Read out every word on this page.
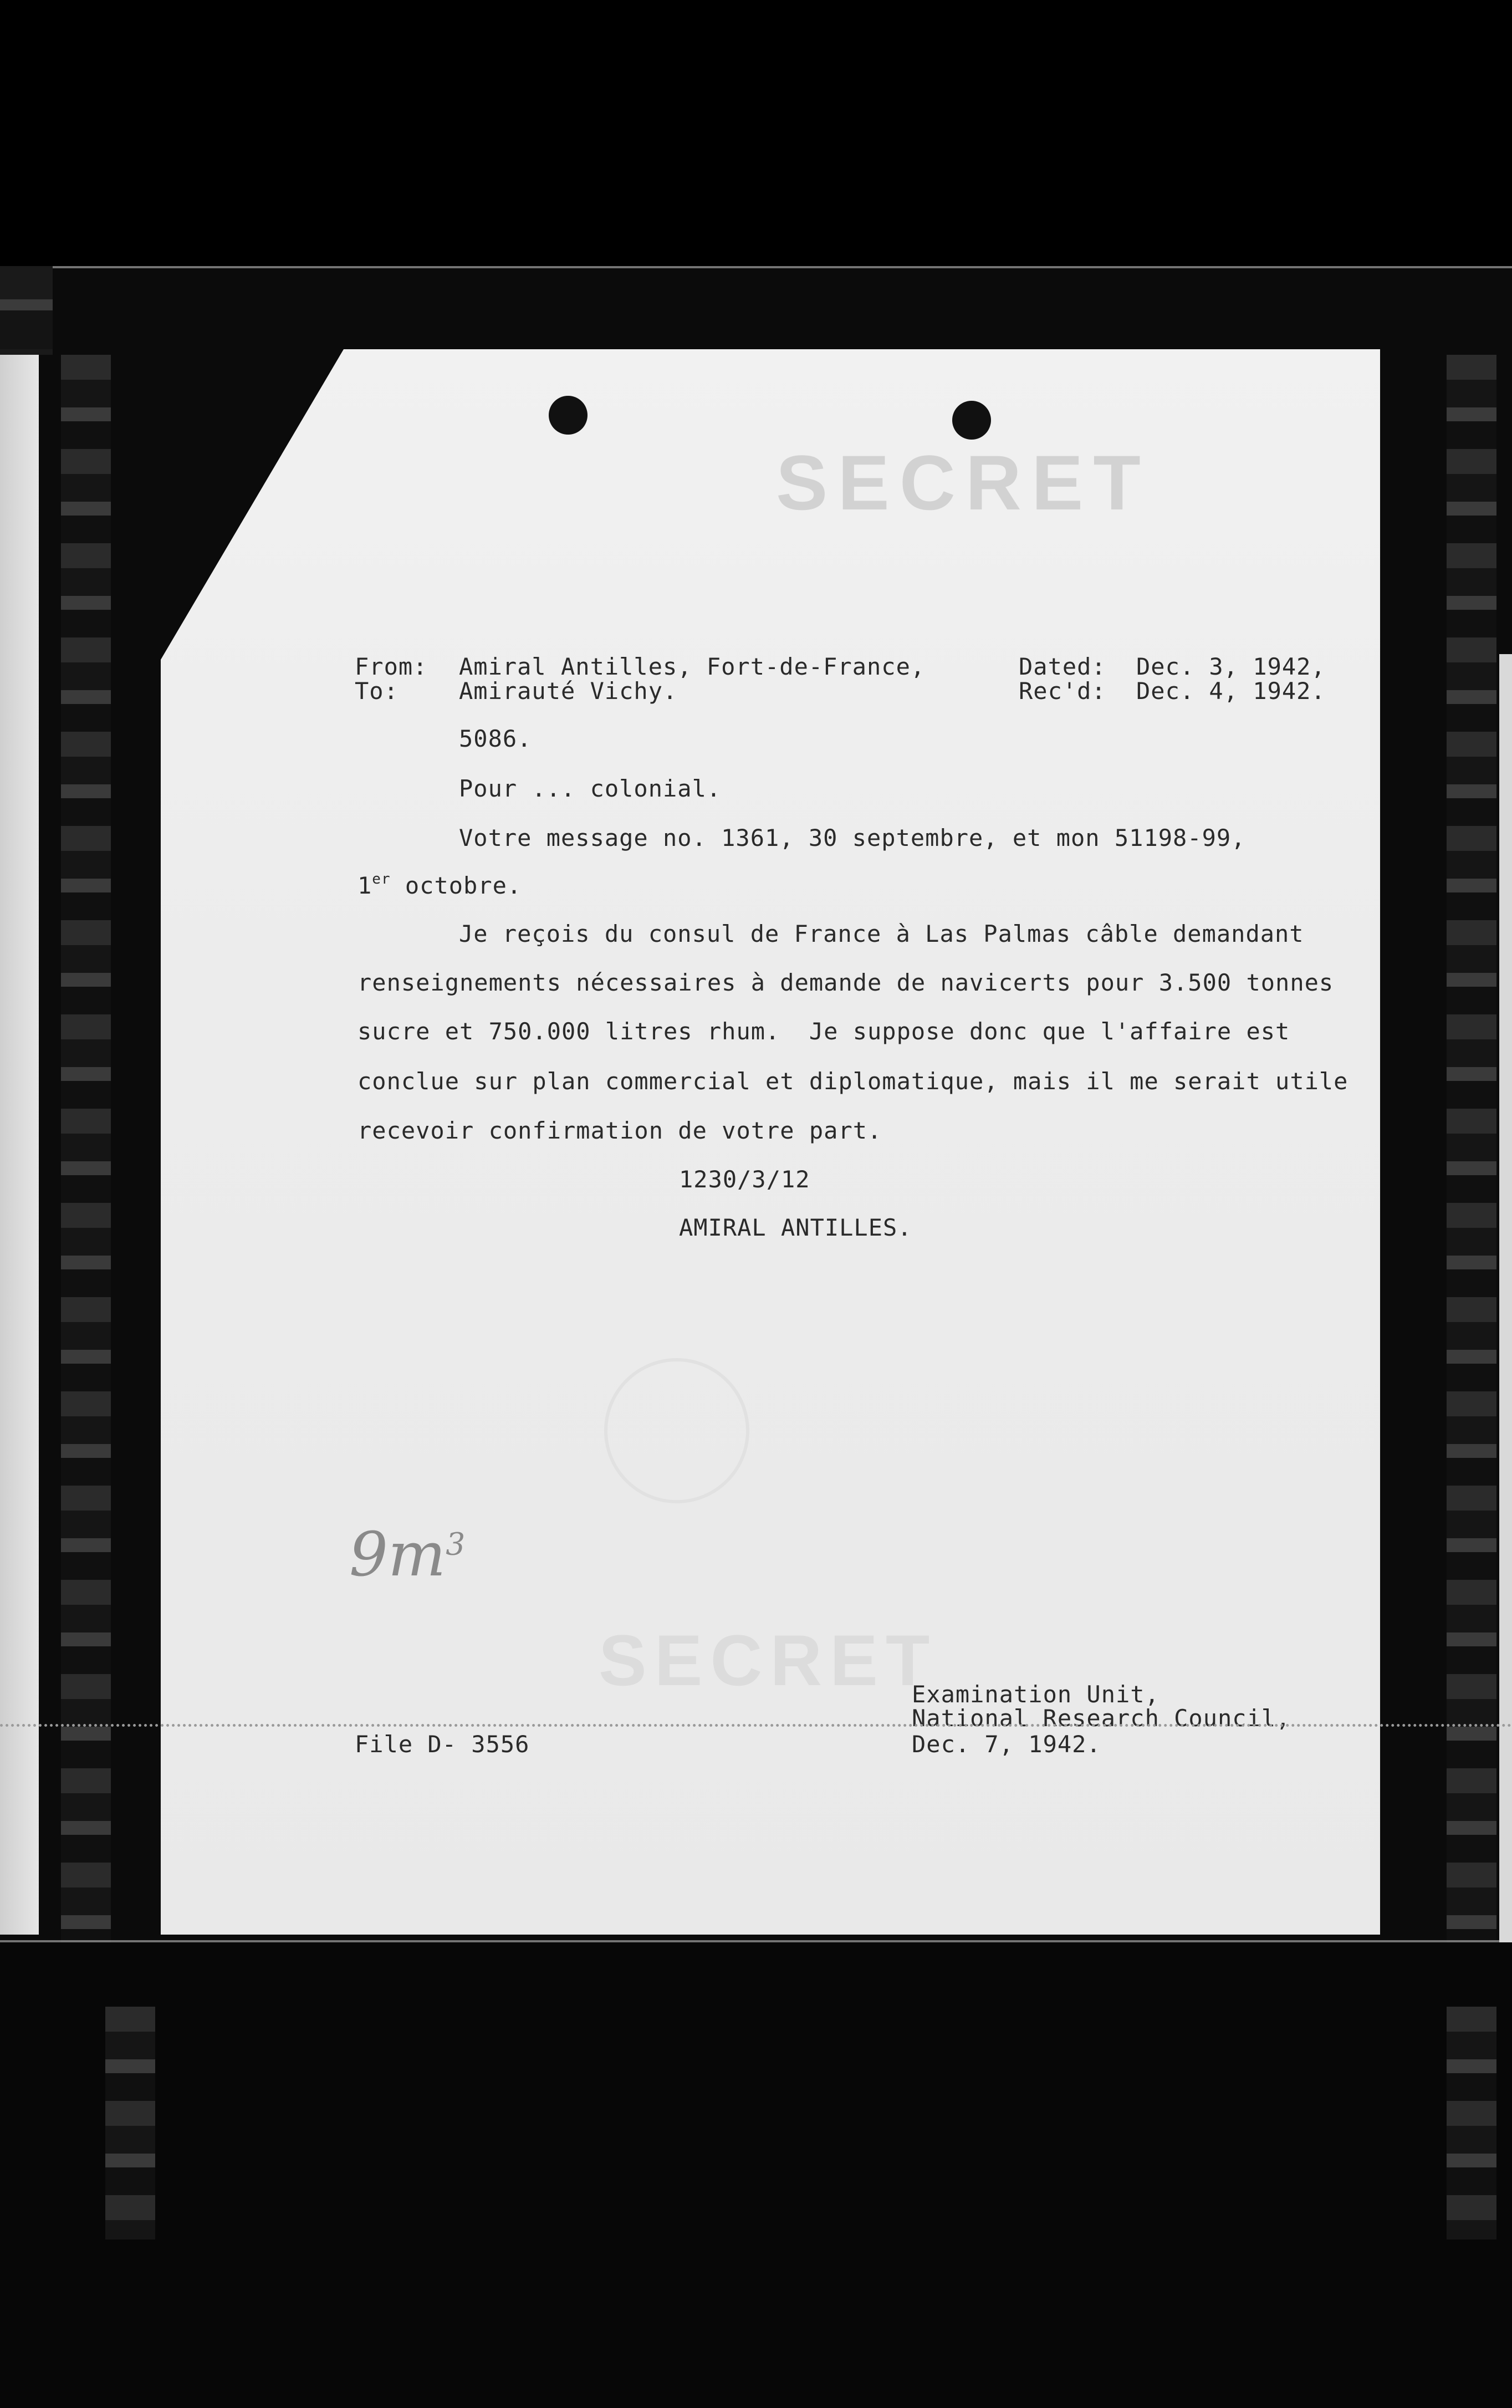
SECRET
SECRET
From: Amiral Antilles, Fort-de-France,
To:	Amirauté Vichy.
Dated: Dec. 3, 1942,
Rec'd: Dec. 4, 1942.
5086.
Pour ... colonial.
Votre message no. 1361, 30 septembre, et mon 51198-99,
1er octobre.
Je reçois du consul de France à Las Palmas câble demandant
renseignements nécessaires à demande de navicerts pour 3.500 tonnes
sucre et 750.000 litres rhum.  Je suppose donc que l'affaire est
conclue sur plan commercial et diplomatique, mais il me serait utile
recevoir confirmation de votre part.
1230/3/12
AMIRAL ANTILLES.
$9m^3$
Examination Unit,
National Research Council,
File D- 3556	Dec. 7, 1942.
